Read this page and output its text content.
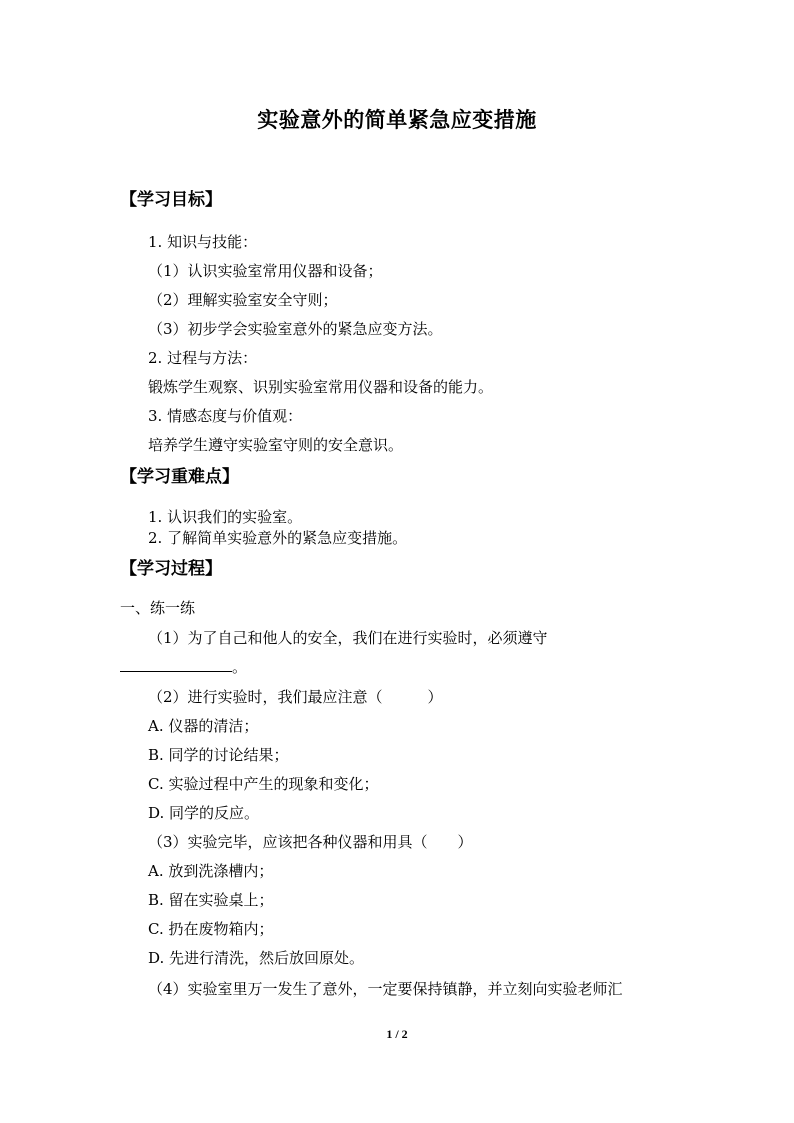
实验意外的简单紧急应变措施
【学习目标】
1. 知识与技能：
（1）认识实验室常用仪器和设备；
（2）理解实验室安全守则；
（3）初步学会实验室意外的紧急应变方法。
2. 过程与方法：
锻炼学生观察、识别实验室常用仪器和设备的能力。
3. 情感态度与价值观：
培养学生遵守实验室守则的安全意识。
【学习重难点】
1. 认识我们的实验室。
2. 了解简单实验意外的紧急应变措施。
【学习过程】
一、练一练
（1）为了自己和他人的安全，我们在进行实验时，必须遵守
。
（2）进行实验时，我们最应注意（　　　）
A. 仪器的清洁；
B. 同学的讨论结果；
C. 实验过程中产生的现象和变化；
D. 同学的反应。
（3）实验完毕，应该把各种仪器和用具（　　）
A. 放到洗涤槽内；
B. 留在实验桌上；
C. 扔在废物箱内；
D. 先进行清洗，然后放回原处。
（4）实验室里万一发生了意外，一定要保持镇静，并立刻向实验老师汇
1 / 2
